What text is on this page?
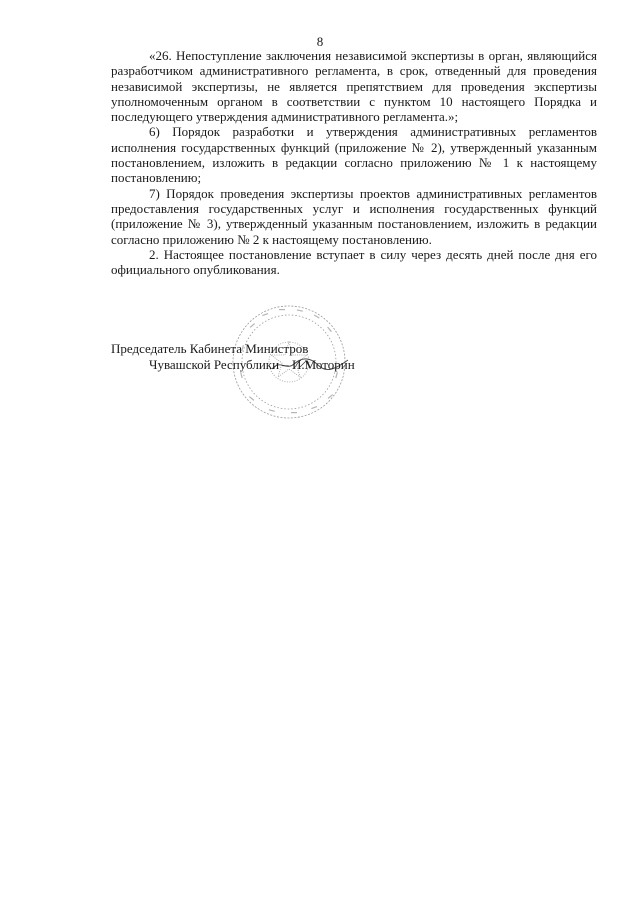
8

«26. Непоступление заключения независимой экспертизы в орган, являющийся разработчиком административного регламента, в срок, отведенный для проведения независимой экспертизы, не является препятствием для проведения экспертизы уполномоченным органом в соответствии с пунктом 10 настоящего Порядка и последующего утверждения административного регламента.»;

6) Порядок разработки и утверждения административных регламентов исполнения государственных функций (приложение № 2), утвержденный указанным постановлением, изложить в редакции согласно приложению № 1 к настоящему постановлению;

7) Порядок проведения экспертизы проектов административных регламентов предоставления государственных услуг и исполнения государственных функций (приложение № 3), утвержденный указанным постановлением, изложить в редакции согласно приложению № 2 к настоящему постановлению.

2. Настоящее постановление вступает в силу через десять дней после дня его официального опубликования.

Председатель Кабинета Министров
Чувашской Республики – И.Моторин
